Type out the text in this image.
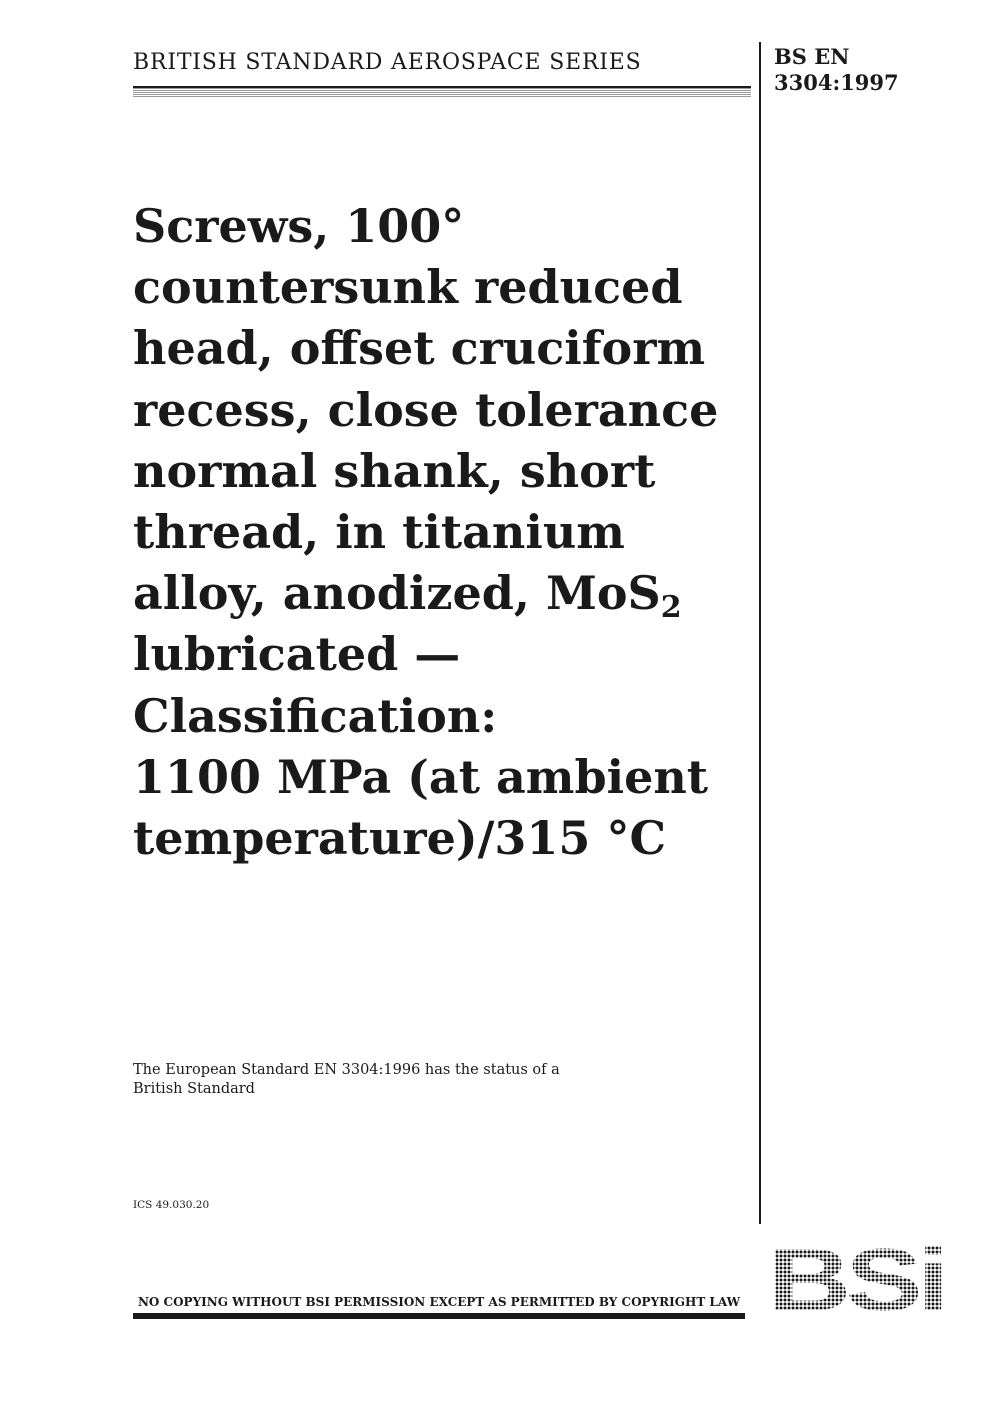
BRITISH STANDARD AEROSPACE SERIES	BS EN
3304:1997
Screws, 100°
countersunk reduced
head, offset cruciform
recess, close tolerance
normal shank, short
thread, in titanium
alloy, anodized, MoS$_2$
lubricated —
Classification:
1100 MPa (at ambient
temperature)/315 °C
The European Standard EN 3304:1996 has the status of a
British Standard
ICS 49.030.20
NO COPYING WITHOUT BSI PERMISSION EXCEPT AS PERMITTED BY COPYRIGHT LAW
